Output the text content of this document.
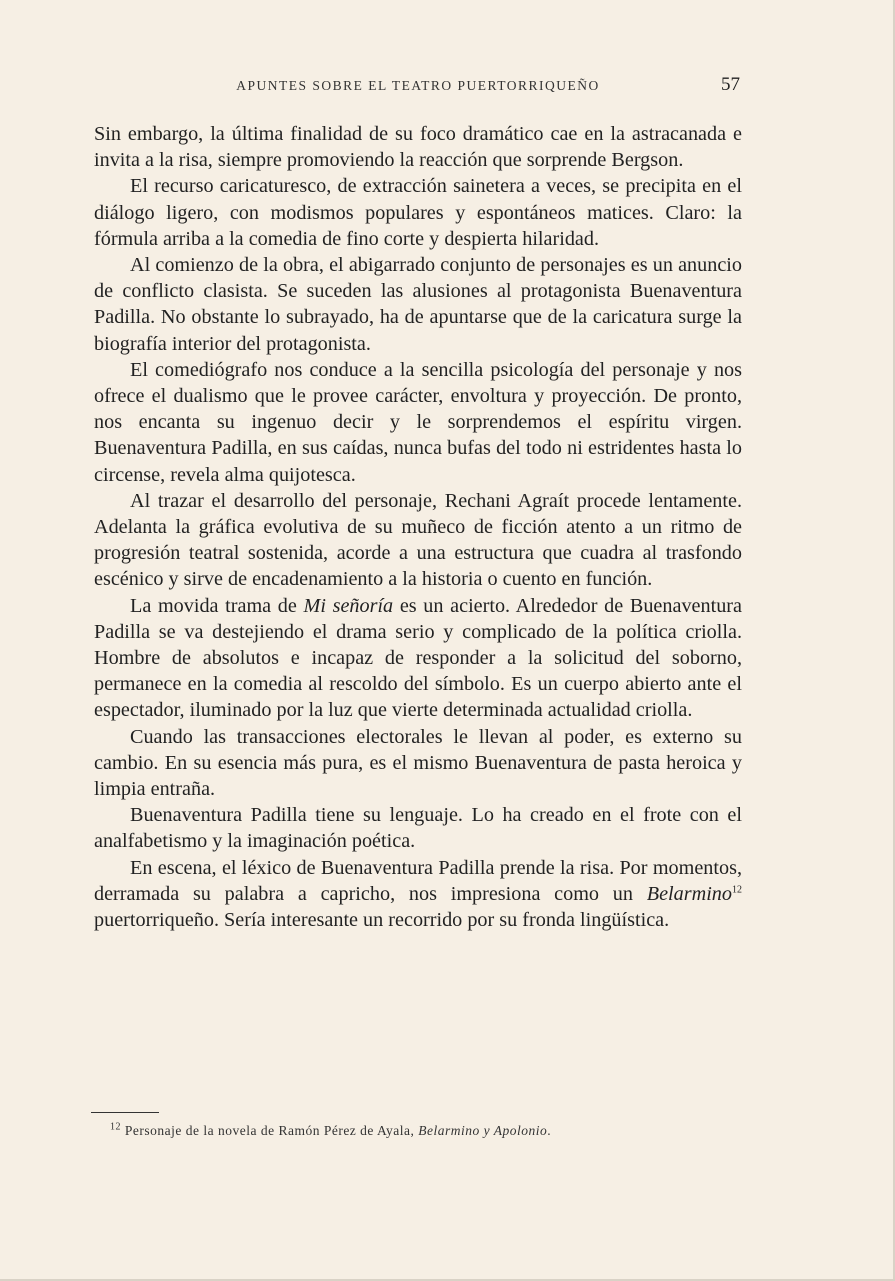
APUNTES SOBRE EL TEATRO PUERTORRIQUEÑO	57

Sin embargo, la última finalidad de su foco dramático cae en la astracanada e invita a la risa, siempre promoviendo la reacción que sorprende Bergson.

El recurso caricaturesco, de extracción sainetera a veces, se precipita en el diálogo ligero, con modismos populares y espontáneos matices. Claro: la fórmula arriba a la comedia de fino corte y despierta hilaridad.

Al comienzo de la obra, el abigarrado conjunto de personajes es un anuncio de conflicto clasista. Se suceden las alusiones al protagonista Buenaventura Padilla. No obstante lo subrayado, ha de apuntarse que de la caricatura surge la biografía interior del protagonista.

El comediógrafo nos conduce a la sencilla psicología del personaje y nos ofrece el dualismo que le provee carácter, envoltura y proyección. De pronto, nos encanta su ingenuo decir y le sorprendemos el espíritu virgen. Buenaventura Padilla, en sus caídas, nunca bufas del todo ni estridentes hasta lo circense, revela alma quijotesca.

Al trazar el desarrollo del personaje, Rechani Agraít procede lentamente. Adelanta la gráfica evolutiva de su muñeco de ficción atento a un ritmo de progresión teatral sostenida, acorde a una estructura que cuadra al trasfondo escénico y sirve de encadenamiento a la historia o cuento en función.

La movida trama de Mi señoría es un acierto. Alrededor de Buenaventura Padilla se va destejiendo el drama serio y complicado de la política criolla. Hombre de absolutos e incapaz de responder a la solicitud del soborno, permanece en la comedia al rescoldo del símbolo. Es un cuerpo abierto ante el espectador, iluminado por la luz que vierte determinada actualidad criolla.

Cuando las transacciones electorales le llevan al poder, es externo su cambio. En su esencia más pura, es el mismo Buenaventura de pasta heroica y limpia entraña.

Buenaventura Padilla tiene su lenguaje. Lo ha creado en el frote con el analfabetismo y la imaginación poética.

En escena, el léxico de Buenaventura Padilla prende la risa. Por momentos, derramada su palabra a capricho, nos impresiona como un Belarmino$^{12}$ puertorriqueño. Sería interesante un recorrido por su fronda lingüística.

$^{12}$ Personaje de la novela de Ramón Pérez de Ayala, Belarmino y Apolonio.
